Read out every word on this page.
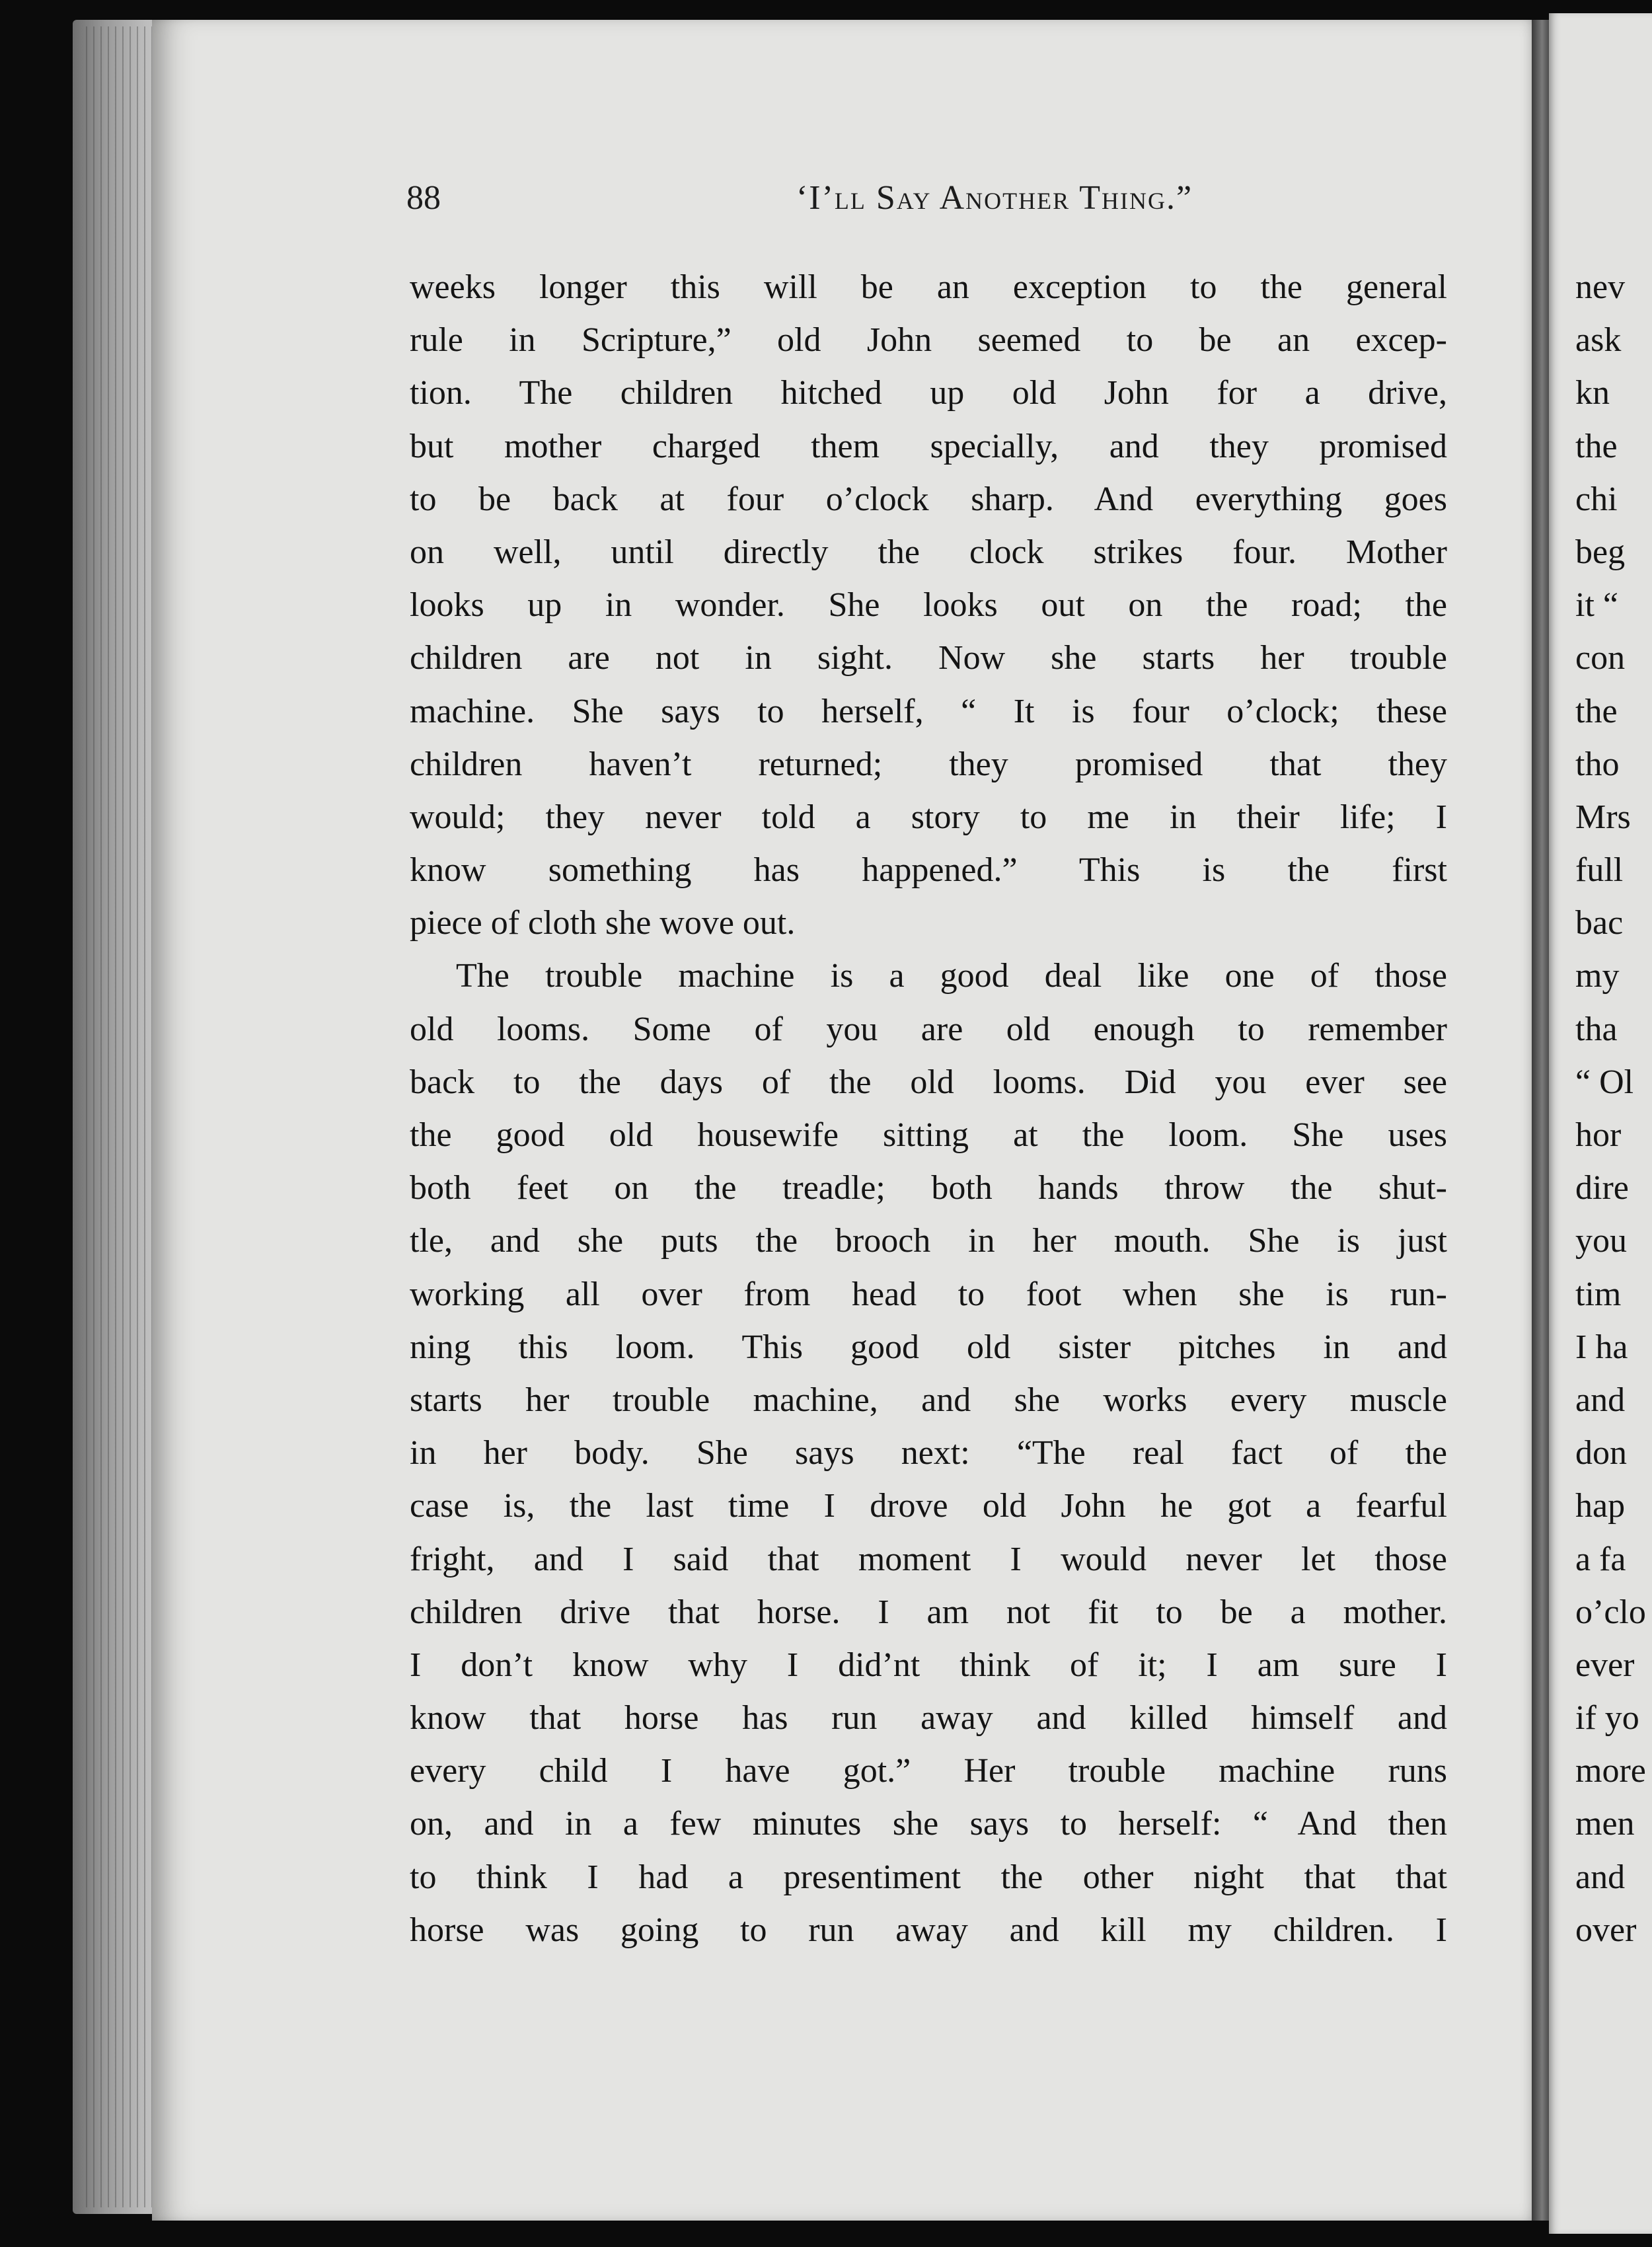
88	‘I’ll Say Another Thing.”
weeks longer this will be an exception to the general
rule in Scripture,” old John seemed to be an excep-
tion. The children hitched up old John for a drive,
but mother charged them specially, and they promised
to be back at four o’clock sharp. And everything goes
on well, until directly the clock strikes four. Mother
looks up in wonder. She looks out on the road; the
children are not in sight. Now she starts her trouble
machine. She says to herself, “ It is four o’clock; these
children haven’t returned; they promised that they
would; they never told a story to me in their life; I
know something has happened.” This is the first
piece of cloth she wove out.
The trouble machine is a good deal like one of those
old looms. Some of you are old enough to remember
back to the days of the old looms. Did you ever see
the good old housewife sitting at the loom. She uses
both feet on the treadle; both hands throw the shut-
tle, and she puts the brooch in her mouth. She is just
working all over from head to foot when she is run-
ning this loom. This good old sister pitches in and
starts her trouble machine, and she works every muscle
in her body. She says next: “The real fact of the
case is, the last time I drove old John he got a fearful
fright, and I said that moment I would never let those
children drive that horse. I am not fit to be a mother.
I don’t know why I did’nt think of it; I am sure I
know that horse has run away and killed himself and
every child I have got.” Her trouble machine runs
on, and in a few minutes she says to herself: “ And then
to think I had a presentiment the other night that that
horse was going to run away and kill my children. I
nev
ask
kn
the
chi
beg
it “
con
the
tho
Mrs
full
bac
my
tha
“ Ol
hor
dire
you
tim
I ha
and
don
hap
a fa
o’clo
ever
if yo
more
men
and
over
